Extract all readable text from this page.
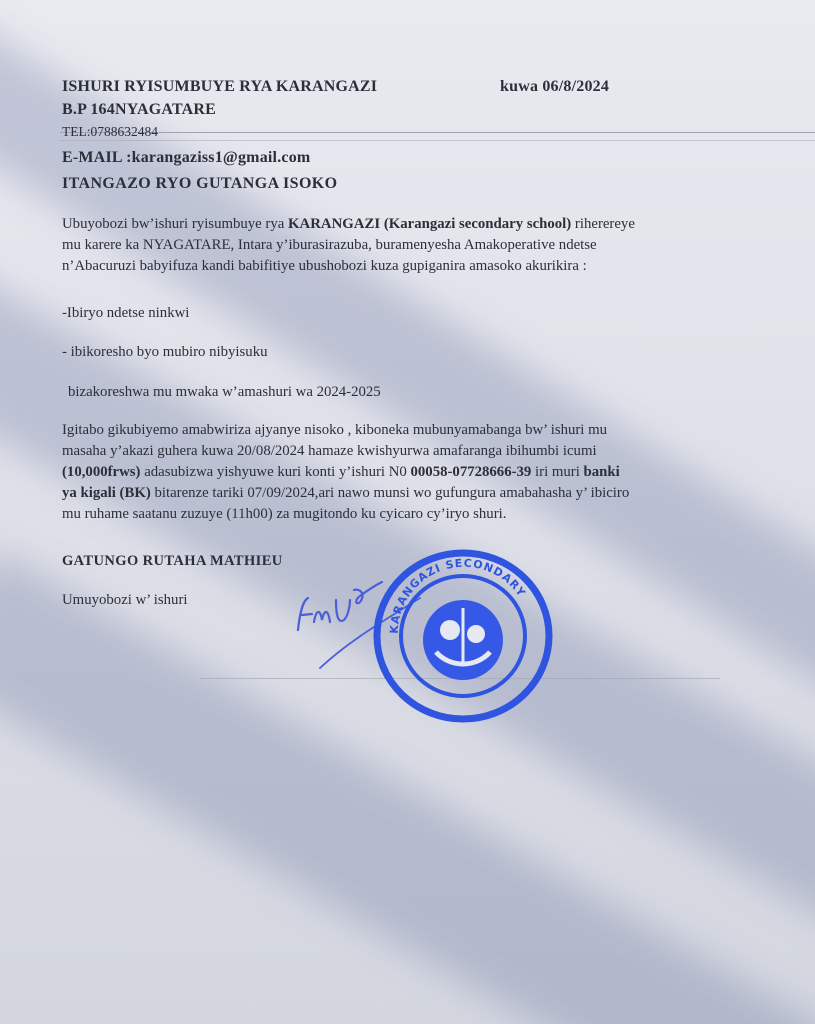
ISHURI RYISUMBUYE RYA KARANGAZI	kuwa 06/8/2024
B.P 164NYAGATARE
TEL:0788632484
E-MAIL :karangaziss1@gmail.com
ITANGAZO RYO GUTANGA ISOKO

Ubuyobozi bw’ishuri ryisumbuye rya KARANGAZI (Karangazi secondary school) riherereye

mu karere ka NYAGATARE, Intara y’iburasirazuba, buramenyesha Amakoperative ndetse

n’Abacuruzi babyifuza kandi babifitiye ubushobozi kuza gupiganira amasoko akurikira :

-Ibiryo ndetse ninkwi
- ibikoresho byo mubiro nibyisuku
bizakoreshwa mu mwaka w’amashuri wa 2024-2025

Igitabo gikubiyemo amabwiriza ajyanye nisoko , kiboneka mubunyamabanga bw’ ishuri mu

masaha y’akazi guhera kuwa 20/08/2024 hamaze kwishyurwa amafaranga ibihumbi icumi

(10,000frws) adasubizwa yishyuwe kuri konti y’ishuri N0 00058-07728666-39 iri muri banki

ya kigali (BK) bitarenze tariki 07/09/2024,ari nawo munsi wo gufungura amabahasha y’ ibiciro

mu ruhame saatanu zuzuye (11h00) za mugitondo ku cyicaro cy’iryo shuri.

GATUNGO RUTAHA MATHIEU
Umuyobozi w’ ishuri
KARANGAZI SECONDARY
